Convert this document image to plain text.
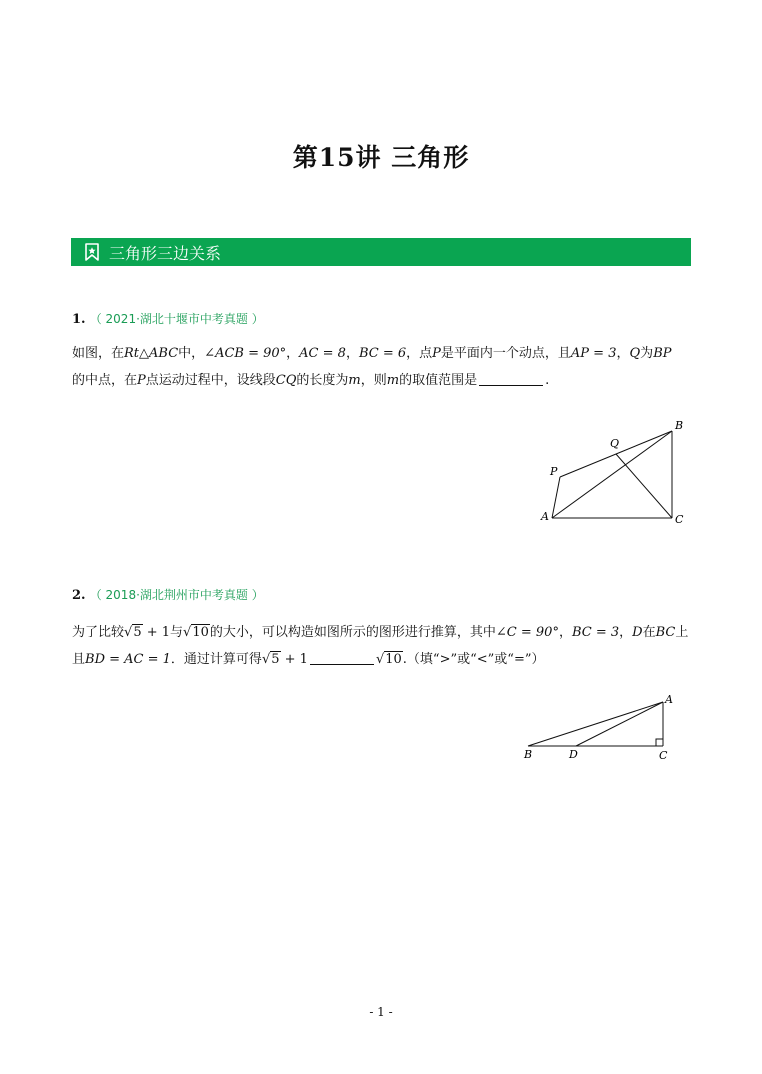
第15讲 三角形
三角形三边关系
1. （ 2021·湖北十堰市中考真题 ）
如图，在Rt△ABC中，∠ACB = 90°，AC = 8，BC = 6，点P是平面内一个动点，且AP = 3，Q为BP
的中点，在P点运动过程中，设线段CQ的长度为m，则m的取值范围是	.
B
Q
P
A	C
2. （ 2018·湖北荆州市中考真题 ）
为了比较√5 + 1与√10的大小，可以构造如图所示的图形进行推算，其中∠C = 90°，BC = 3，D在BC上
且BD = AC = 1．通过计算可得√5 + 1	√10.（填“>”或“<”或“=”）
A
B	D	C
- 1 -
